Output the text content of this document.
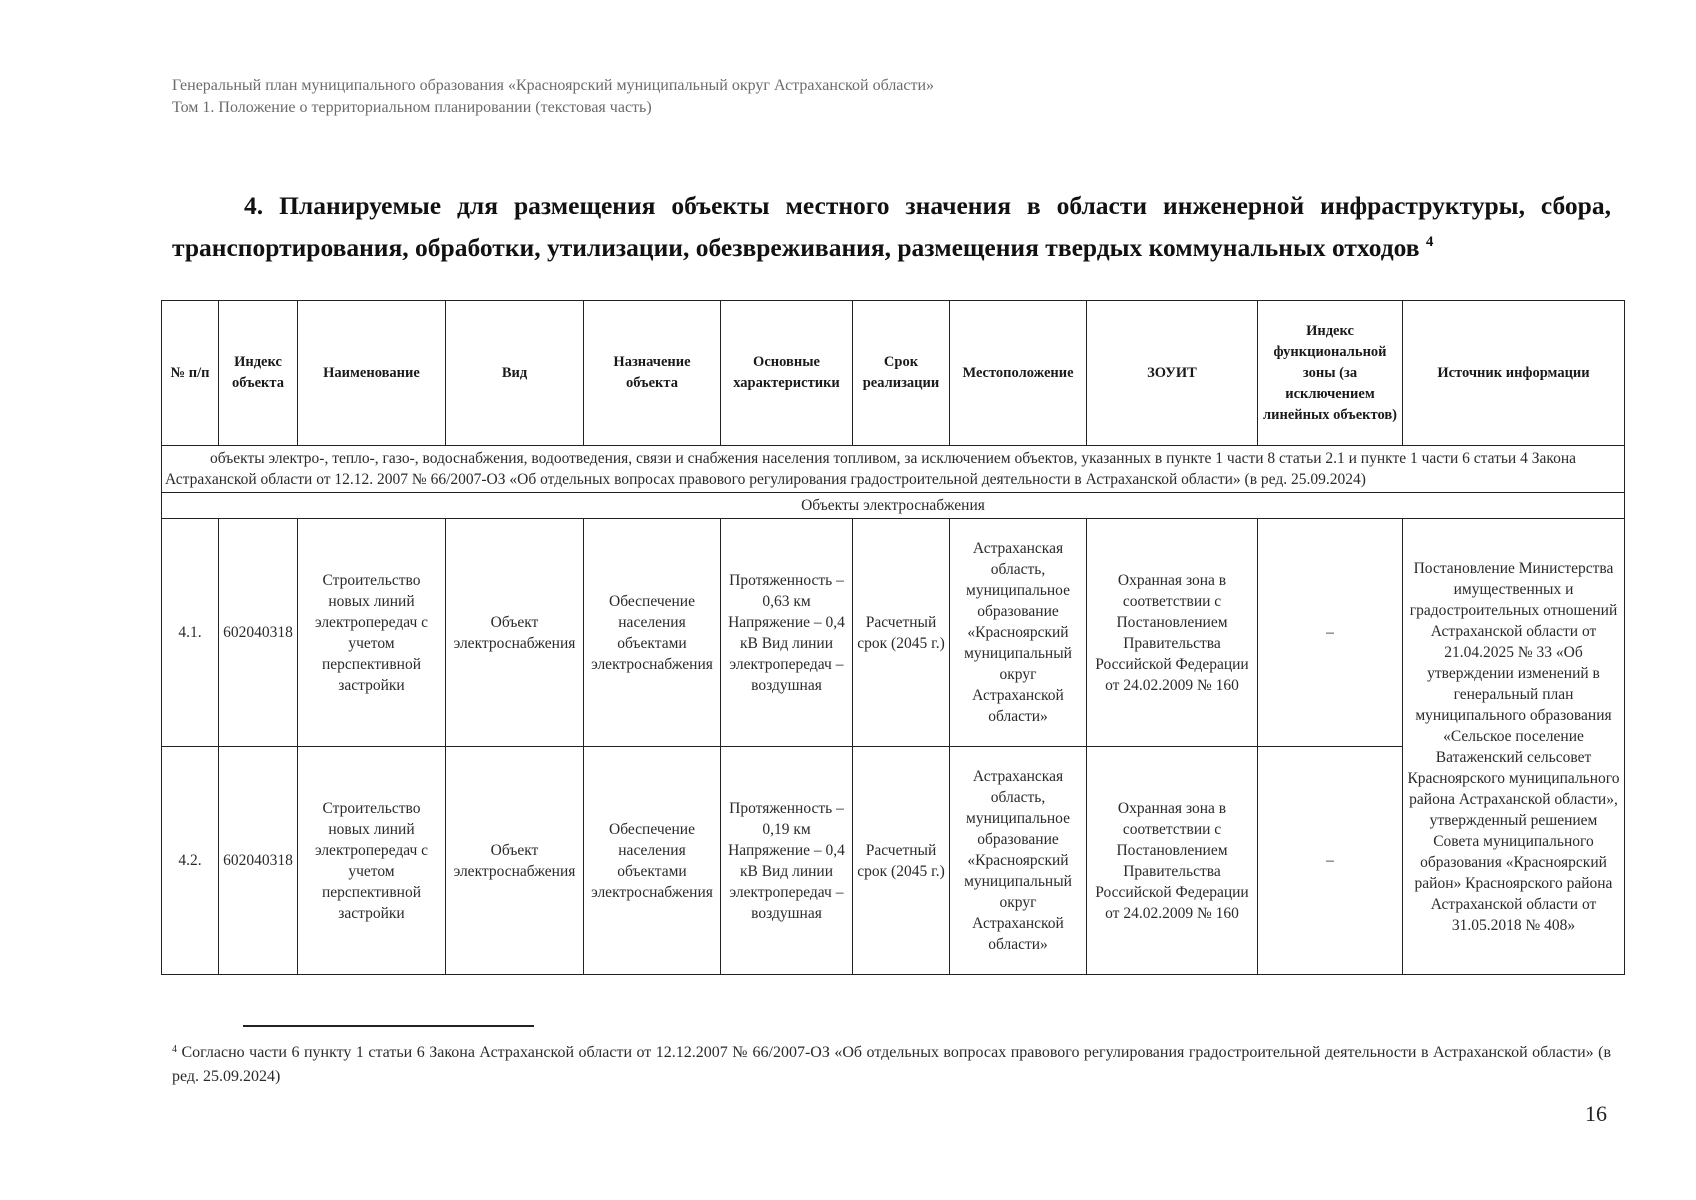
Генеральный план муниципального образования «Красноярский муниципальный округ Астраханской области»
Том 1. Положение о территориальном планировании (текстовая часть)
4. Планируемые для размещения объекты местного значения в области инженерной инфраструктуры, сбора, транспортирования, обработки, утилизации, обезвреживания, размещения твердых коммунальных отходов $^4$
№ п/п	Индекс объекта	Наименование	Вид	Назначение объекта	Основные характеристики	Срок реализации	Местоположение	ЗОУИТ	Индекс функциональной зоны (за исключением линейных объектов)	Источник информации
объекты электро-, тепло-, газо-, водоснабжения, водоотведения, связи и снабжения населения топливом, за исключением объектов, указанных в пункте 1 части 8 статьи 2.1 и пункте 1 части 6 статьи 4 Закона Астраханской области от 12.12. 2007 № 66/2007-ОЗ «Об отдельных вопросах правового регулирования градостроительной деятельности в Астраханской области» (в ред. 25.09.2024)										
Объекты электроснабжения										
4.1.	602040318	Строительство новых линий электропередач с учетом перспективной застройки	Объект электроснабжения	Обеспечение населения объектами электроснабжения	Протяженность – 0,63 км Напряжение – 0,4 кВ Вид линии электропередач – воздушная	Расчетный срок (2045 г.)	Астраханская область, муниципальное образование «Красноярский муниципальный округ Астраханской области»	Охранная зона в соответствии с Постановлением Правительства Российской Федерации от 24.02.2009 № 160	–	Постановление Министерства имущественных и градостроительных отношений Астраханской области от 21.04.2025 № 33 «Об утверждении изменений в генеральный план муниципального образования «Сельское поселение Ватаженский сельсовет Красноярского муниципального района Астраханской области», утвержденный решением Совета муниципального образования «Красноярский район» Красноярского района Астраханской области от 31.05.2018 № 408»
4.2.	602040318	Строительство новых линий электропередач с учетом перспективной застройки	Объект электроснабжения	Обеспечение населения объектами электроснабжения	Протяженность – 0,19 км Напряжение – 0,4 кВ Вид линии электропередач – воздушная	Расчетный срок (2045 г.)	Астраханская область, муниципальное образование «Красноярский муниципальный округ Астраханской области»	Охранная зона в соответствии с Постановлением Правительства Российской Федерации от 24.02.2009 № 160	–	
$^4$ Согласно части 6 пункту 1 статьи 6 Закона Астраханской области от 12.12.2007 № 66/2007-ОЗ «Об отдельных вопросах правового регулирования градостроительной деятельности в Астраханской области» (в ред. 25.09.2024)
16
